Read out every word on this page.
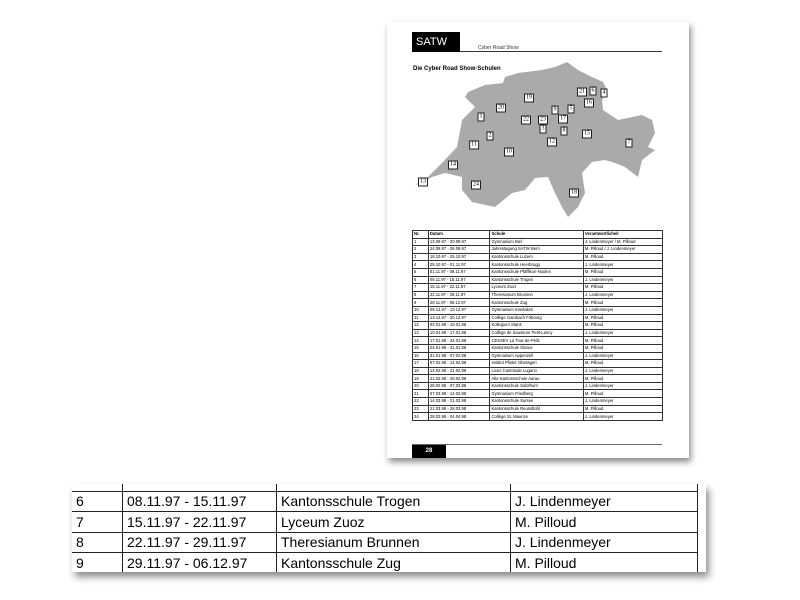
SATW	Cyber Road Show
Die Cyber Road Show-Schulen
1
2
3
4
5
6
7
8
9
10
11	12
13
14
15
16
17
18
19
20
21
22	23
24
Nr.	Datum	Schule	Verantwortliche/r
1	13.09.97 - 20.09.97	Gymnasium Biel	J. Lindenmeyer / M. Pilloud
2	24.09.97 - 26.09.97	Jahrestagung SATW Bern	M. Pilloud / J. Lindenmeyer
3	18.10.97 - 25.10.97	Kantonsschule Luzern	M. Pilloud
4	25.10.97 - 01.11.97	Kantonsschule Heerbrugg	J. Lindenmeyer
5	01.11.97 - 08.11.97	Kantonsschule Pfäffikon-Nuolen	M. Pilloud
6	08.11.97 - 15.11.97	Kantonsschule Trogen	J. Lindenmeyer
7	15.11.97 - 22.11.97	Lyceum Zuoz	M. Pilloud
8	22.11.97 - 29.11.97	Theresianum Brunnen	J. Lindenmeyer
9	29.11.97 - 06.12.97	Kantonsschule Zug	M. Pilloud
10	06.12.97 - 13.12.97	Gymnasium Interlaken	J. Lindenmeyer
11	13.12.97 - 20.12.97	Collège Gambach Fribourg	M. Pilloud
12	03.01.98 - 10.01.98	Kollegium Stans	M. Pilloud
13	10.01.98 - 17.01.98	Collège de Saussure Petit-Lancy	J. Lindenmeyer
14	17.01.98 - 24.01.98	CESSEV La Tour-de-Peilz	M. Pilloud
15	24.01.98 - 31.01.98	Kantonsschule Glarus	M. Pilloud
16	31.01.98 - 07.02.98	Gymnasium Appenzell	J. Lindenmeyer
17	07.02.98 - 14.02.98	Institut Pfister Oberägeri	M. Pilloud
18	14.02.98 - 21.02.98	Liceo Cantonale Lugano	J. Lindenmeyer
19	21.02.98 - 28.02.98	Alte Kantonsschule Aarau	M. Pilloud
20	28.02.98 - 07.03.98	Kantonsschule Solothurn	J. Lindenmeyer
21	07.03.98 - 14.03.98	Gymnasium Friedberg	M. Pilloud
22	14.03.98 - 21.03.98	Kantonsschule Sursee	J. Lindenmeyer
23	21.03.98 - 28.03.98	Kantonsschule Reussbühl	M. Pilloud
24	28.03.98 - 04.04.98	Collège St. Maurice	J. Lindenmeyer
28

6	08.11.97 - 15.11.97	Kantonsschule Trogen	J. Lindenmeyer
7	15.11.97 - 22.11.97	Lyceum Zuoz	M. Pilloud
8	22.11.97 - 29.11.97	Theresianum Brunnen	J. Lindenmeyer
9	29.11.97 - 06.12.97	Kantonsschule Zug	M. Pilloud
